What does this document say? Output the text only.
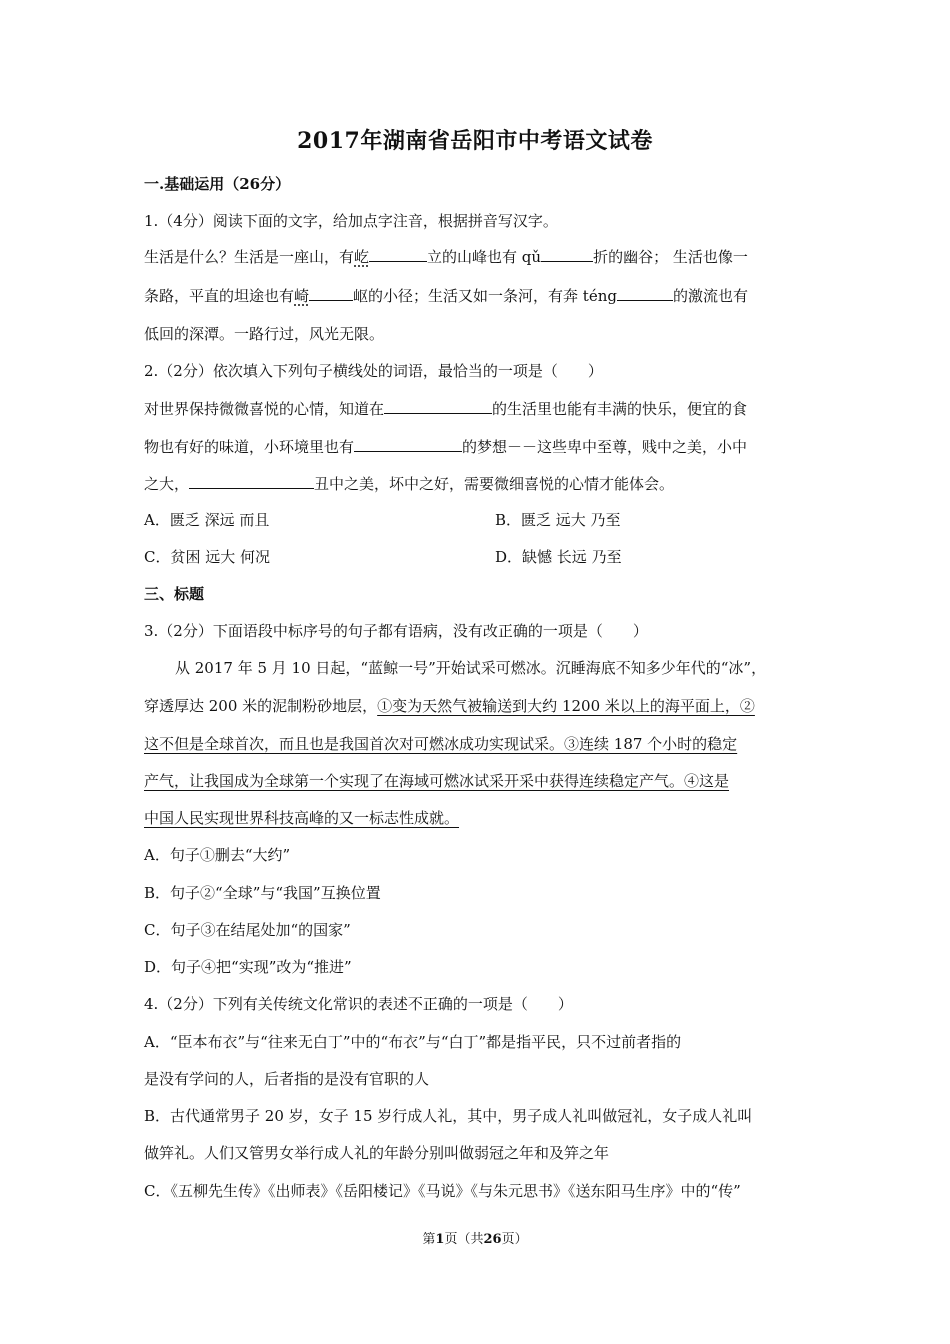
2017年湖南省岳阳市中考语文试卷
一.基础运用（26分）
1.（4分）阅读下面的文字，给加点字注音，根据拼音写汉字。
生活是什么？生活是一座山，有屹	立的山峰也有 qǔ	折的幽谷； 生活也像一
条路，平直的坦途也有崎	岖的小径；生活又如一条河，有奔 téng	的激流也有
低回的深潭。一路行过，风光无限。
2.（2分）依次填入下列句子横线处的词语，最恰当的一项是（　　）
对世界保持微微喜悦的心情，知道在	的生活里也能有丰满的快乐，便宜的食
物也有好的味道，小环境里也有	的梦想－－这些卑中至尊，贱中之美，小中
之大，	丑中之美，坏中之好，需要微细喜悦的心情才能体会。
A．匮乏 深远 而且	B．匮乏 远大 乃至
C．贫困 远大 何况	D．缺憾 长远 乃至
三、标题
3.（2分）下面语段中标序号的句子都有语病，没有改正确的一项是（　　）
从 2017 年 5 月 10 日起，“蓝鲸一号”开始试采可燃冰。沉睡海底不知多少年代的“冰”，
穿透厚达 200 米的泥制粉砂地层，①变为天然气被输送到大约 1200 米以上的海平面上，②
这不但是全球首次，而且也是我国首次对可燃冰成功实现试采。③连续 187 个小时的稳定
产气，让我国成为全球第一个实现了在海域可燃冰试采开采中获得连续稳定产气。④这是
中国人民实现世界科技高峰的又一标志性成就。
A．句子①删去“大约”
B．句子②“全球”与“我国”互换位置
C．句子③在结尾处加“的国家”
D．句子④把“实现”改为“推进”
4.（2分）下列有关传统文化常识的表述不正确的一项是（　　）
A．“臣本布衣”与“往来无白丁”中的“布衣”与“白丁”都是指平民，只不过前者指的
是没有学问的人，后者指的是没有官职的人
B．古代通常男子 20 岁，女子 15 岁行成人礼，其中，男子成人礼叫做冠礼，女子成人礼叫
做笄礼。人们又管男女举行成人礼的年龄分别叫做弱冠之年和及笄之年
C．《五柳先生传》《出师表》《岳阳楼记》《马说》《与朱元思书》《送东阳马生序》中的“传”
第1页（共26页）
